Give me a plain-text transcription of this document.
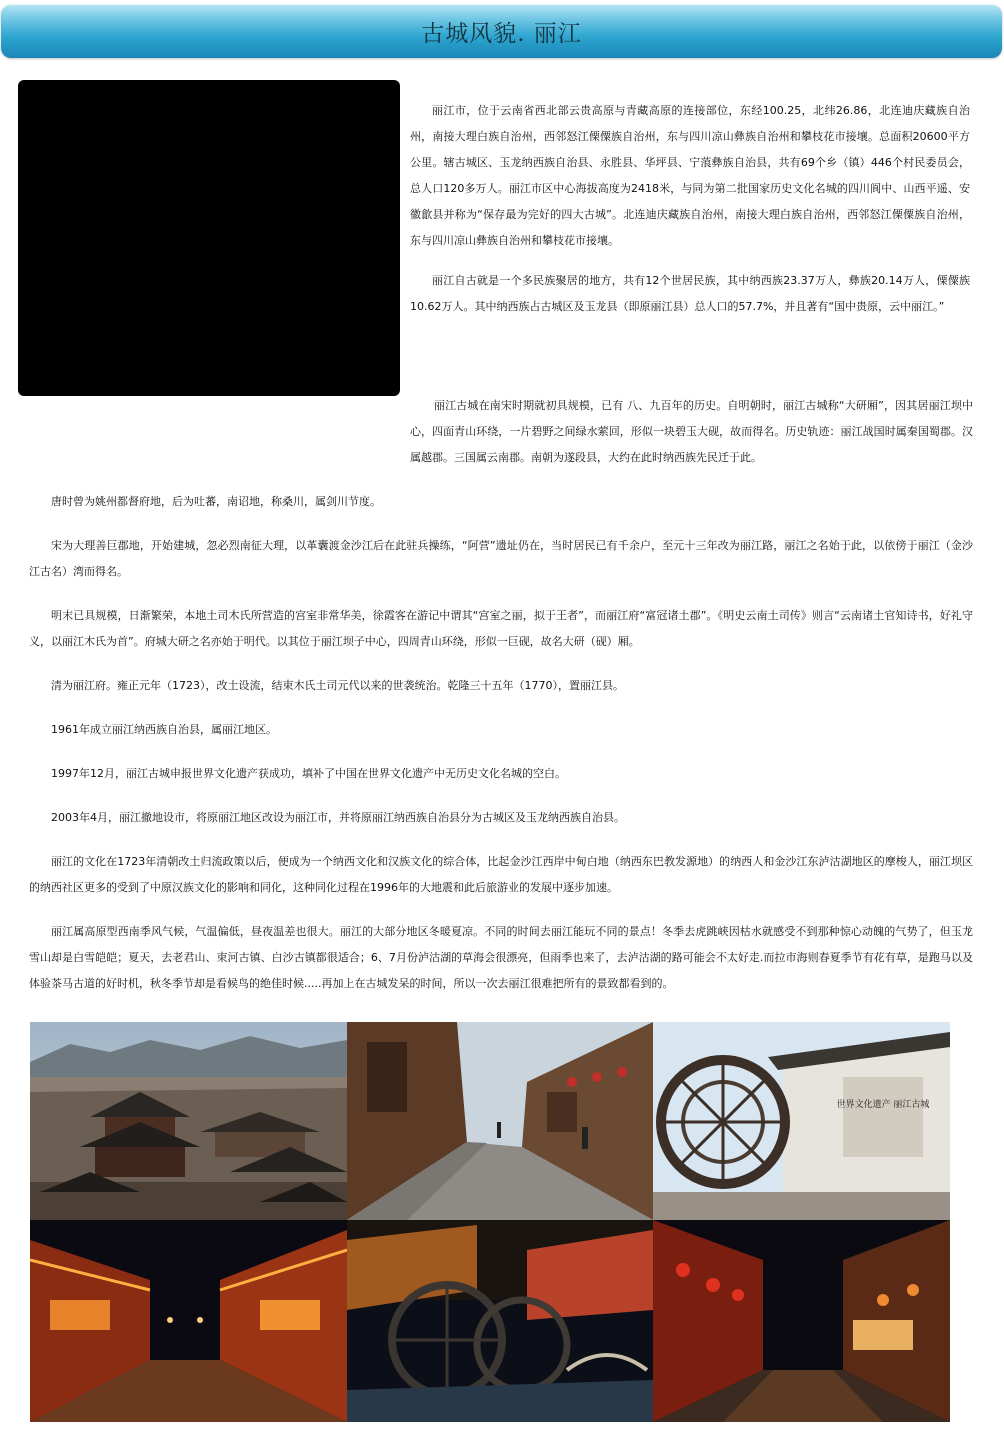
古城风貌. 丽江

丽江市，位于云南省西北部云贵高原与青藏高原的连接部位，东经100.25，北纬26.86，北连迪庆藏族自治州，南接大理白族自治州，西邻怒江傈僳族自治州，东与四川凉山彝族自治州和攀枝花市接壤。总面积20600平方公里。辖古城区、玉龙纳西族自治县、永胜县、华坪县、宁蒗彝族自治县，共有69个乡（镇）446个村民委员会，总人口120多万人。丽江市区中心海拔高度为2418米，与同为第二批国家历史文化名城的四川阆中、山西平遥、安徽歙县并称为“保存最为完好的四大古城”。北连迪庆藏族自治州，南接大理白族自治州，西邻怒江傈僳族自治州，东与四川凉山彝族自治州和攀枝花市接壤。

丽江自古就是一个多民族聚居的地方，共有12个世居民族，其中纳西族23.37万人，彝族20.14万人，傈僳族10.62万人。其中纳西族占古城区及玉龙县（即原丽江县）总人口的57.7%，并且著有“国中贵原，云中丽江。”

丽江古城在南宋时期就初具规模，已有 八、九百年的历史。自明朝时，丽江古城称“大研厢”，因其居丽江坝中心，四面青山环绕，一片碧野之间绿水萦回，形似一块碧玉大砚，故而得名。历史轨迹：丽江战国时属秦国蜀郡。汉属越郡。三国属云南郡。南朝为遂段县，大约在此时纳西族先民迁于此。

唐时曾为姚州都督府地，后为吐蕃，南诏地，称桑川，属剑川节度。

宋为大理善巨郡地，开始建城，忽必烈南征大理，以革囊渡金沙江后在此驻兵操练，“阿营”遗址仍在，当时居民已有千余户，至元十三年改为丽江路，丽江之名始于此，以依傍于丽江（金沙江古名）湾而得名。

明末已具规模，日渐繁荣，本地土司木氏所营造的宫室非常华美，徐霞客在游记中谓其“宫室之丽，拟于王者”，而丽江府“富冠诸土郡”。《明史云南土司传》则言“云南诸土官知诗书，好礼守义，以丽江木氏为首”。府城大研之名亦始于明代。以其位于丽江坝子中心，四周青山环绕，形似一巨砚，故名大研（砚）厢。

清为丽江府。雍正元年（1723），改土设流，结束木氏土司元代以来的世袭统治。乾隆三十五年（1770），置丽江县。

1961年成立丽江纳西族自治县，属丽江地区。

1997年12月，丽江古城申报世界文化遗产获成功，填补了中国在世界文化遗产中无历史文化名城的空白。

2003年4月，丽江撤地设市，将原丽江地区改设为丽江市，并将原丽江纳西族自治县分为古城区及玉龙纳西族自治县。

丽江的文化在1723年清朝改土归流政策以后，便成为一个纳西文化和汉族文化的综合体，比起金沙江西岸中甸白地（纳西东巴教发源地）的纳西人和金沙江东泸沽湖地区的摩梭人，丽江坝区的纳西社区更多的受到了中原汉族文化的影响和同化，这种同化过程在1996年的大地震和此后旅游业的发展中逐步加速。

丽江属高原型西南季风气候，气温偏低，昼夜温差也很大。丽江的大部分地区冬暖夏凉。不同的时间去丽江能玩不同的景点！冬季去虎跳峡因枯水就感受不到那种惊心动魄的气势了，但玉龙雪山却是白雪皑皑；夏天，去老君山、束河古镇、白沙古镇都很适合；6、7月份泸沽湖的草海会很漂亮，但雨季也来了，去泸沽湖的路可能会不太好走.而拉市海则春夏季节有花有草，是跑马以及体验茶马古道的好时机，秋冬季节却是看候鸟的绝佳时候.....再加上在古城发呆的时间，所以一次去丽江很难把所有的景致都看到的。

世界文化遗产 丽江古城
